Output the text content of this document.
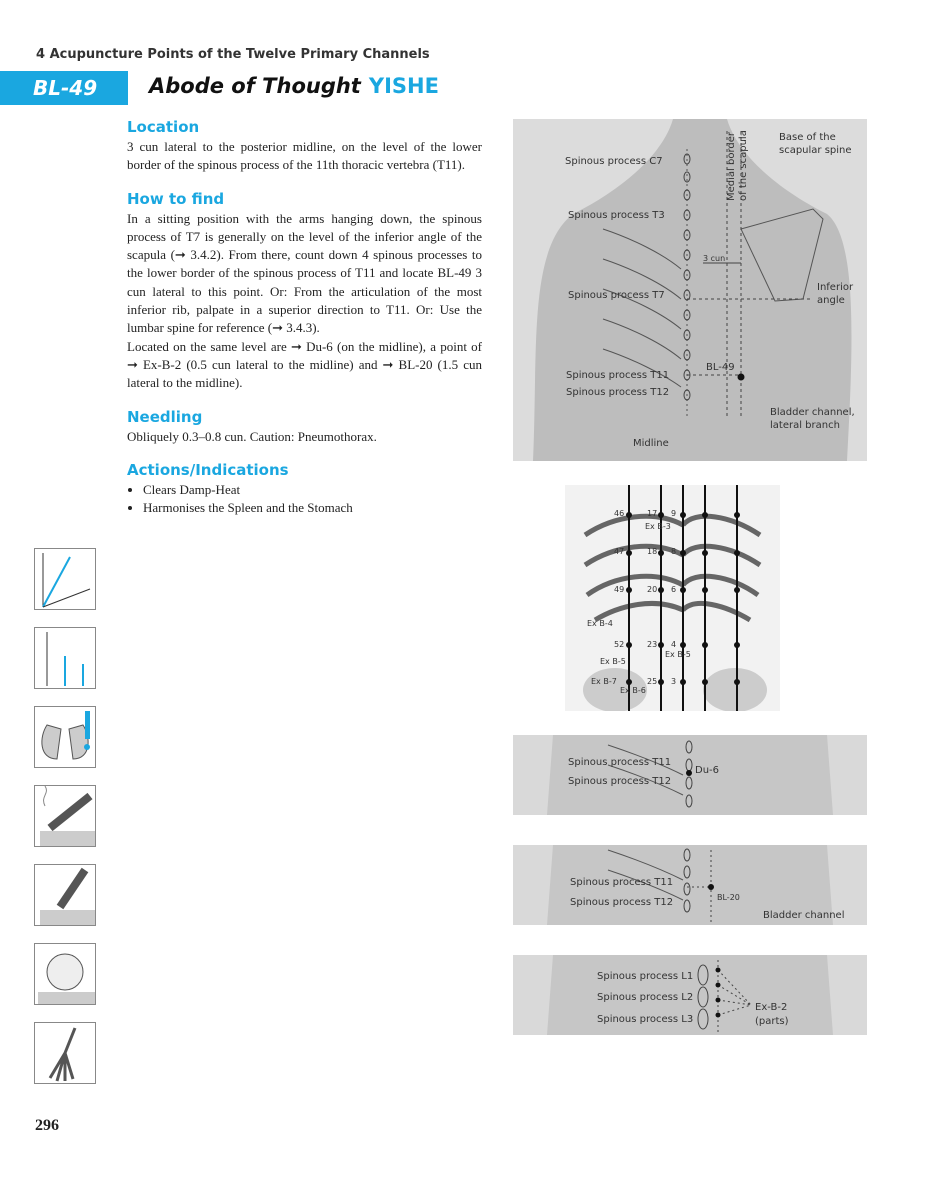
4 Acupuncture Points of the Twelve Primary Channels
BL-49	Abode of Thought YISHE
Location

3 cun lateral to the posterior midline, on the level of the lower border of the spinous process of the 11th thoracic vertebra (T11).

How to find

In a sitting position with the arms hanging down, the spinous process of T7 is generally on the level of the inferior angle of the scapula (➞ 3.4.2). From there, count down 4 spinous processes to the lower border of the spinous process of T11 and locate BL-49 3 cun lateral to this point. Or: From the articulation of the most inferior rib, palpate in a superior direction to T11. Or: Use the lumbar spine for reference (➞ 3.4.3).

Located on the same level are ➞ Du-6 (on the midline), a point of ➞ Ex-B-2 (0.5 cun lateral to the midline) and ➞ BL-20 (1.5 cun lateral to the midline).

Needling

Obliquely 0.3–0.8 cun. Caution: Pneumothorax.

Actions/Indications
• Clears Damp-Heat
• Harmonises the Spleen and the Stomach
Spinous process C7
Spinous process T3
Spinous process T7
Spinous process T11
Spinous process T12
Midline
Medial border of the scapula	Base of the
scapular spine
3 cun
Inferior
angle
BL-49
Bladder channel,
lateral branch
46	17 9
Ex B-3
47	18 8
49	20 6
Ex B-4
52	23 4
Ex B-5
Ex B-5
Ex B-7	25 3
Ex B-6
Spinous process T11
Spinous process T12
Du-6
Spinous process T11
Spinous process T12	BL-20
Bladder channel
Spinous process L1
Spinous process L2
Spinous process L3
Ex-B-2
(parts)
296
